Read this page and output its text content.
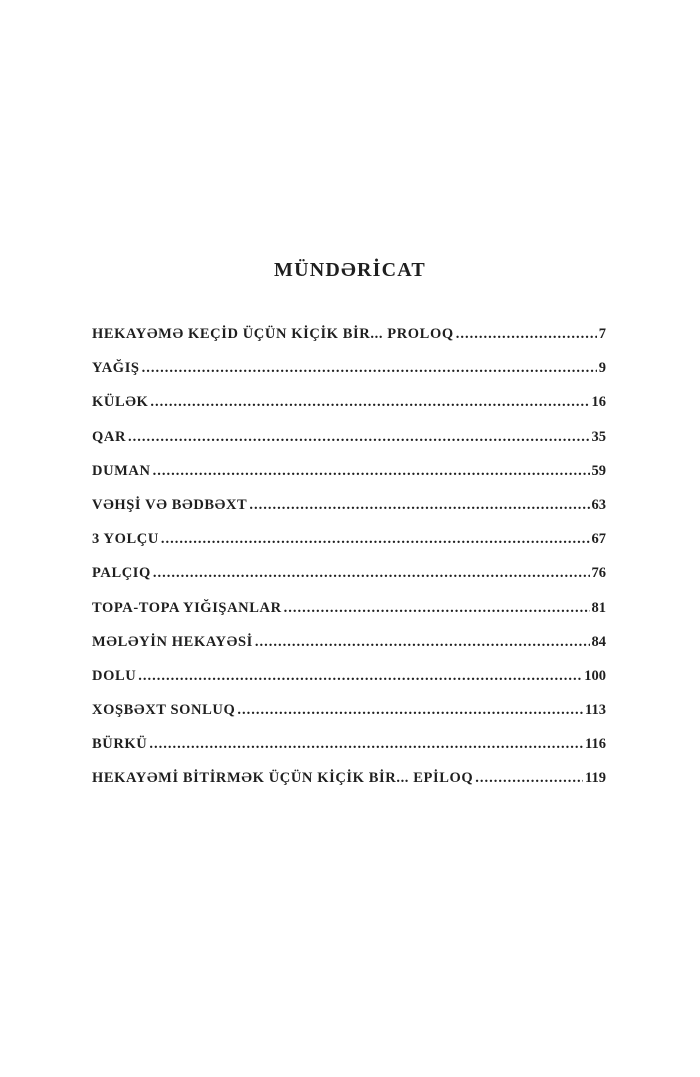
MÜNDƏRİCAT
HEKAYƏMƏ KEÇİD ÜÇÜN KİÇİK BİR... PROLOQ .....	7
YAĞIŞ .....	9
KÜLƏK .....	16
QAR .....	35
DUMAN .....	59
VƏHŞİ VƏ BƏDBƏXT .....	63
3 YOLÇU .....	67
PALÇIQ .....	76
TOPA-TOPA YIĞIŞANLAR .....	81
MƏLƏYİN HEKAYƏSİ .....	84
DOLU .....	100
XOŞBƏXT SONLUQ .....	113
BÜRKÜ .....	116
HEKAYƏMİ BİTİRMƏK ÜÇÜN KİÇİK BİR... EPİLOQ .....	119
